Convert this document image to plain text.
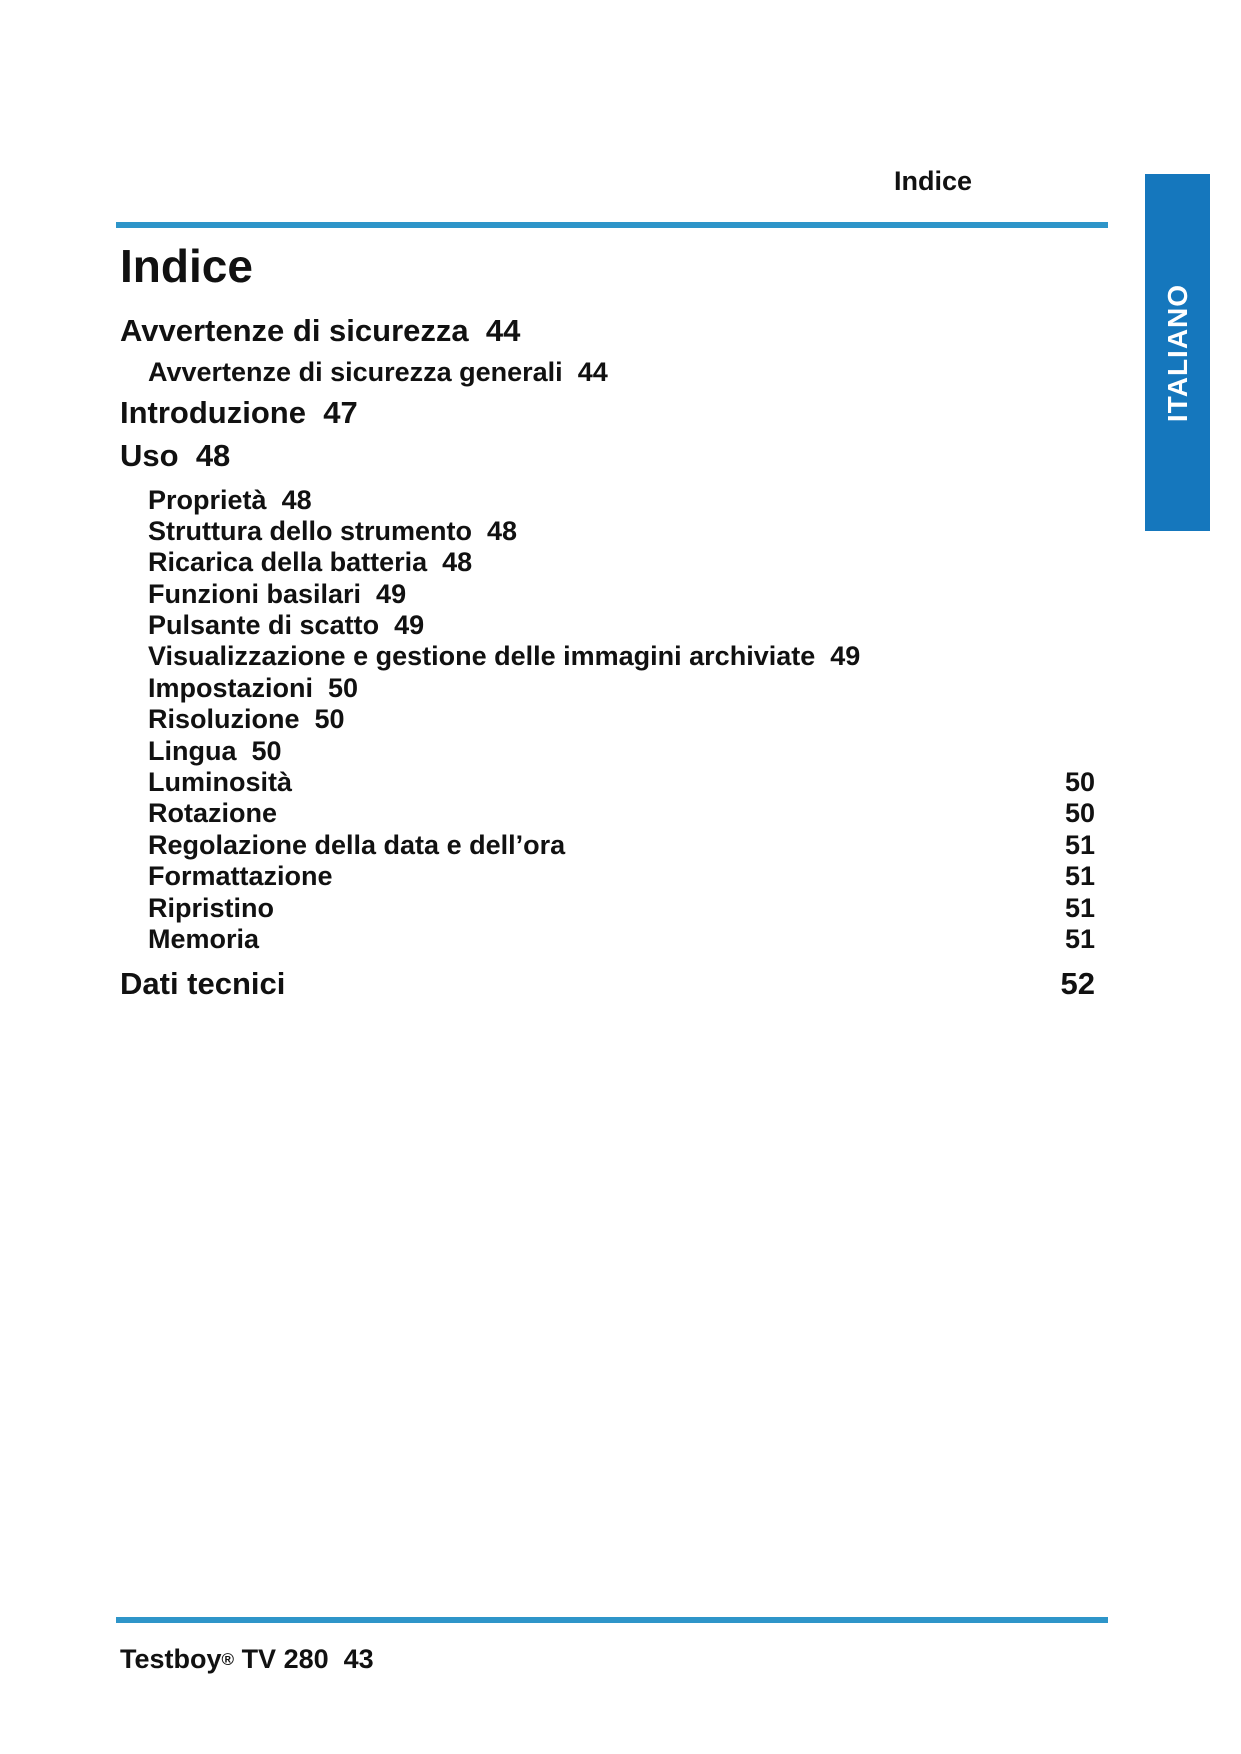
Indice
ITALIANO
Indice
Avvertenze di sicurezza 44
Avvertenze di sicurezza generali 44
Introduzione 47
Uso 48
Proprietà 48
Struttura dello strumento 48
Ricarica della batteria 48
Funzioni basilari 49
Pulsante di scatto 49
Visualizzazione e gestione delle immagini archiviate 49
Impostazioni 50
Risoluzione 50
Lingua 50
Luminosità	50
Rotazione	50
Regolazione della data e dell’ora	51
Formattazione	51
Ripristino	51
Memoria	51
Dati tecnici	52
Testboy® TV 280 43
